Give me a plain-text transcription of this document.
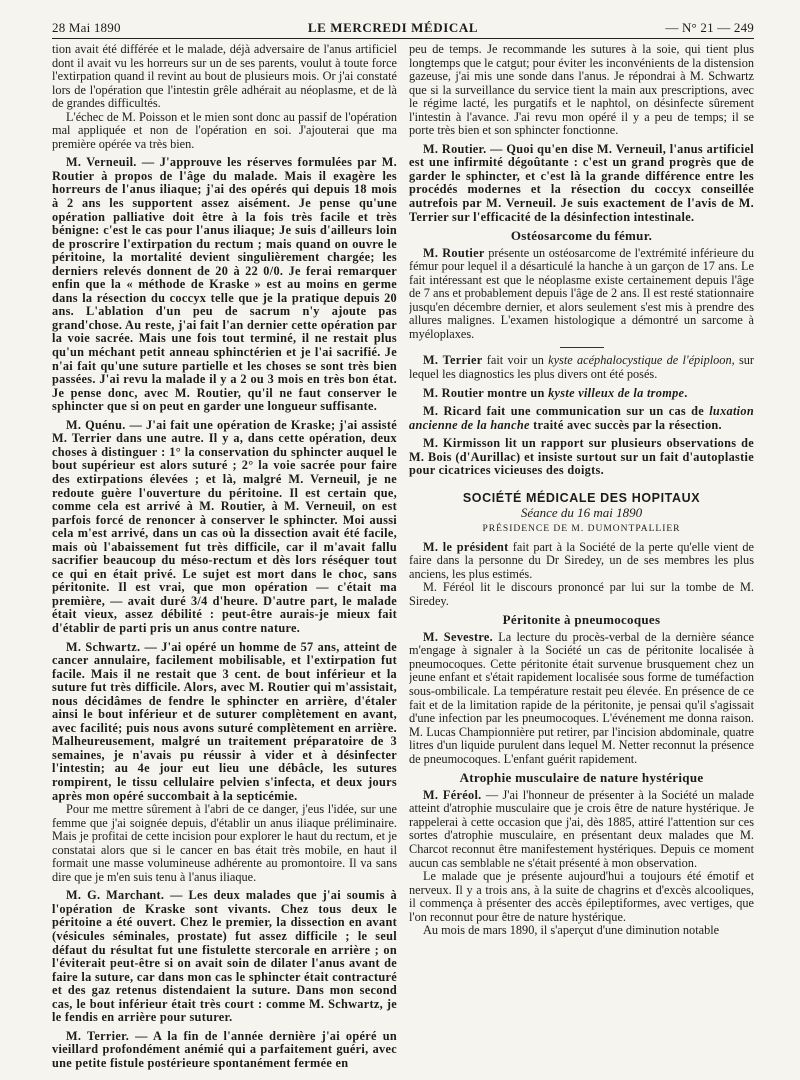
28 Mai 1890	LE MERCREDI MÉDICAL	— N° 21 — 249

tion avait été différée et le malade, déjà adversaire de l'anus artificiel dont il avait vu les horreurs sur un de ses parents, voulut à toute force l'extirpation quand il revint au bout de plusieurs mois. Or j'ai constaté lors de l'opération que l'intestin grêle adhérait au néoplasme, et de là de grandes difficultés.

L'échec de M. Poisson et le mien sont donc au passif de l'opération mal appliquée et non de l'opération en soi. J'ajouterai que ma première opérée va très bien.

M. Verneuil. — J'approuve les réserves formulées par M. Routier à propos de l'âge du malade. Mais il exagère les horreurs de l'anus iliaque; j'ai des opérés qui depuis 18 mois à 2 ans les supportent assez aisément. Je pense qu'une opération palliative doit être à la fois très facile et très bénigne: c'est le cas pour l'anus iliaque; Je suis d'ailleurs loin de proscrire l'extirpation du rectum ; mais quand on ouvre le péritoine, la mortalité devient singulièrement chargée; les derniers relevés donnent de 20 à 22 0/0. Je ferai remarquer enfin que la « méthode de Kraske » est au moins en germe dans la résection du coccyx telle que je la pratique depuis 20 ans. L'ablation d'un peu de sacrum n'y ajoute pas grand'chose. Au reste, j'ai fait l'an dernier cette opération par la voie sacrée. Mais une fois tout terminé, il ne restait plus qu'un méchant petit anneau sphinctérien et je l'ai sacrifié. Je n'ai fait qu'une suture partielle et les choses se sont très bien passées. J'ai revu la malade il y a 2 ou 3 mois en très bon état. Je pense donc, avec M. Routier, qu'il ne faut conserver le sphincter que si on peut en garder une longueur suffisante.

M. Quénu. — J'ai fait une opération de Kraske; j'ai assisté M. Terrier dans une autre. Il y a, dans cette opération, deux choses à distinguer : 1° la conservation du sphincter auquel le bout supérieur est alors suturé ; 2° la voie sacrée pour faire des extirpations élevées ; et là, malgré M. Verneuil, je ne redoute guère l'ouverture du péritoine. Il est certain que, comme cela est arrivé à M. Routier, à M. Verneuil, on est parfois forcé de renoncer à conserver le sphincter. Moi aussi cela m'est arrivé, dans un cas où la dissection avait été facile, mais où l'abaissement fut très difficile, car il m'avait fallu sacrifier beaucoup du méso-rectum et dès lors réséquer tout ce qui en était privé. Le sujet est mort dans le choc, sans péritonite. Il est vrai, que mon opération — c'était ma première, — avait duré 3/4 d'heure. D'autre part, le malade était vieux, assez débilité : peut-être aurais-je mieux fait d'établir de parti pris un anus contre nature.

M. Schwartz. — J'ai opéré un homme de 57 ans, atteint de cancer annulaire, facilement mobilisable, et l'extirpation fut facile. Mais il ne restait que 3 cent. de bout inférieur et la suture fut très difficile. Alors, avec M. Routier qui m'assistait, nous décidâmes de fendre le sphincter en arrière, d'étaler ainsi le bout inférieur et de suturer complètement en avant, avec facilité; puis nous avons suturé complètement en arrière. Malheureusement, malgré un traitement préparatoire de 3 semaines, je n'avais pu réussir à vider et à désinfecter l'intestin; au 4e jour eut lieu une débâcle, les sutures rompirent, le tissu cellulaire pelvien s'infecta, et deux jours après mon opéré succombait à la septicémie.

Pour me mettre sûrement à l'abri de ce danger, j'eus l'idée, sur une femme que j'ai soignée depuis, d'établir un anus iliaque préliminaire. Mais je profitai de cette incision pour explorer le haut du rectum, et je constatai alors que si le cancer en bas était très mobile, en haut il formait une masse volumineuse adhérente au promontoire. Il va sans dire que je m'en suis tenu à l'anus iliaque.

M. G. Marchant. — Les deux malades que j'ai soumis à l'opération de Kraske sont vivants. Chez tous deux le péritoine a été ouvert. Chez le premier, la dissection en avant (vésicules séminales, prostate) fut assez difficile ; le seul défaut du résultat fut une fistulette stercorale en arrière ; on l'éviterait peut-être si on avait soin de dilater l'anus avant de faire la suture, car dans mon cas le sphincter était contracturé et des gaz retenus distendaient la suture. Dans mon second cas, le bout inférieur était très court : comme M. Schwartz, je le fendis en arrière pour suturer.

M. Terrier. — A la fin de l'année dernière j'ai opéré un vieillard profondément anémié qui a parfaitement guéri, avec une petite fistule postérieure spontanément fermée en

peu de temps. Je recommande les sutures à la soie, qui tient plus longtemps que le catgut; pour éviter les inconvénients de la distension gazeuse, j'ai mis une sonde dans l'anus. Je répondrai à M. Schwartz que si la surveillance du service tient la main aux prescriptions, avec le régime lacté, les purgatifs et le naphtol, on désinfecte sûrement l'intestin à l'avance. J'ai revu mon opéré il y a peu de temps; il se porte très bien et son sphincter fonctionne.

M. Routier. — Quoi qu'en dise M. Verneuil, l'anus artificiel est une infirmité dégoûtante : c'est un grand progrès que de garder le sphincter, et c'est là la grande différence entre les procédés modernes et la résection du coccyx conseillée autrefois par M. Verneuil. Je suis exactement de l'avis de M. Terrier sur l'efficacité de la désinfection intestinale.

Ostéosarcome du fémur.

M. Routier présente un ostéosarcome de l'extrémité inférieure du fémur pour lequel il a désarticulé la hanche à un garçon de 17 ans. Le fait intéressant est que le néoplasme existe certainement depuis l'âge de 7 ans et probablement depuis l'âge de 2 ans. Il est resté stationnaire jusqu'en décembre dernier, et alors seulement s'est mis à prendre des allures malignes. L'examen histologique a démontré un sarcome à myéloplaxes.

M. Terrier fait voir un kyste acéphalocystique de l'épiploon, sur lequel les diagnostics les plus divers ont été posés.

M. Routier montre un kyste villeux de la trompe.

M. Ricard fait une communication sur un cas de luxation ancienne de la hanche traité avec succès par la résection.

M. Kirmisson lit un rapport sur plusieurs observations de M. Bois (d'Aurillac) et insiste surtout sur un fait d'autoplastie pour cicatrices vicieuses des doigts.

SOCIÉTÉ MÉDICALE DES HOPITAUX
Séance du 16 mai 1890
PRÉSIDENCE DE M. DUMONTPALLIER

M. le président fait part à la Société de la perte qu'elle vient de faire dans la personne du Dr Siredey, un de ses membres les plus anciens, les plus estimés.

M. Féréol lit le discours prononcé par lui sur la tombe de M. Siredey.

Péritonite à pneumocoques

M. Sevestre. La lecture du procès-verbal de la dernière séance m'engage à signaler à la Société un cas de péritonite localisée à pneumocoques. Cette péritonite était survenue brusquement chez un jeune enfant et s'était rapidement localisée sous forme de tuméfaction sous-ombilicale. La température restait peu élevée. En présence de ce fait et de la limitation rapide de la péritonite, je pensai qu'il s'agissait d'une infection par les pneumocoques. L'événement me donna raison. M. Lucas Championnière put retirer, par l'incision abdominale, quatre litres d'un liquide purulent dans lequel M. Netter reconnut la présence de pneumocoques. L'enfant guérit rapidement.

Atrophie musculaire de nature hystérique

M. Féréol. — J'ai l'honneur de présenter à la Société un malade atteint d'atrophie musculaire que je crois être de nature hystérique. Je rappelerai à cette occasion que j'ai, dès 1885, attiré l'attention sur ces sortes d'atrophie musculaire, en présentant deux malades que M. Charcot reconnut être manifestement hystériques. Depuis ce moment aucun cas semblable ne s'était présenté à mon observation.

Le malade que je présente aujourd'hui a toujours été émotif et nerveux. Il y a trois ans, à la suite de chagrins et d'excès alcooliques, il commença à présenter des accès épileptiformes, avec vertiges, que l'on reconnut pour être de nature hystérique.

Au mois de mars 1890, il s'aperçut d'une diminution notable
